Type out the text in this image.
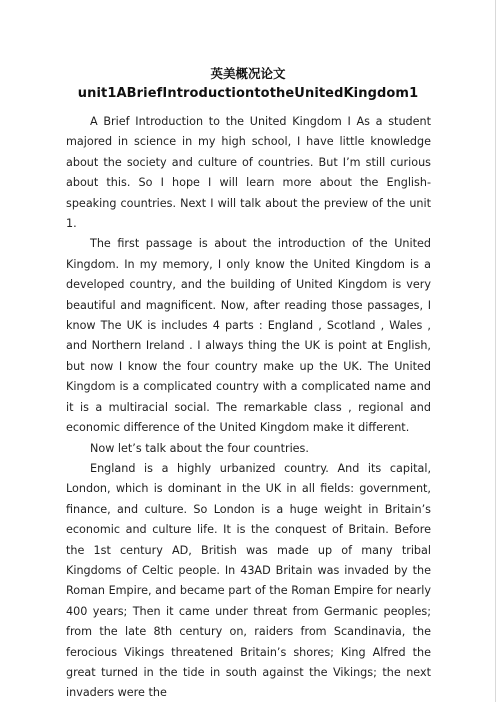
英美概况论文
unit1ABriefIntroductiontotheUnitedKingdom1

A Brief Introduction to the United Kingdom I As a student majored in science in my high school, I have little knowledge about the society and culture of countries. But I’m still curious about this. So I hope I will learn more about the English-speaking countries. Next I will talk about the preview of the unit 1.

The first passage is about the introduction of the United Kingdom. In my memory, I only know the United Kingdom is a developed country, and the building of United Kingdom is very beautiful and magnificent. Now, after reading those passages, I know The UK is includes 4 parts : England , Scotland , Wales , and Northern Ireland . I always thing the UK is point at English, but now I know the four country make up the UK. The United Kingdom is a complicated country with a complicated name and it is a multiracial social. The remarkable class , regional and economic difference of the United Kingdom make it different.

Now let’s talk about the four countries.

England is a highly urbanized country. And its capital, London, which is dominant in the UK in all fields: government, finance, and culture. So London is a huge weight in Britain’s economic and culture life. It is the conquest of Britain. Before the 1st century AD, British was made up of many tribal Kingdoms of Celtic people. In 43AD Britain was invaded by the Roman Empire, and became part of the Roman Empire for nearly 400 years; Then it came under threat from Germanic peoples; from the late 8th century on, raiders from Scandinavia, the ferocious Vikings threatened Britain’s shores; King Alfred the great turned in the tide in south against the Vikings; the next invaders were the
